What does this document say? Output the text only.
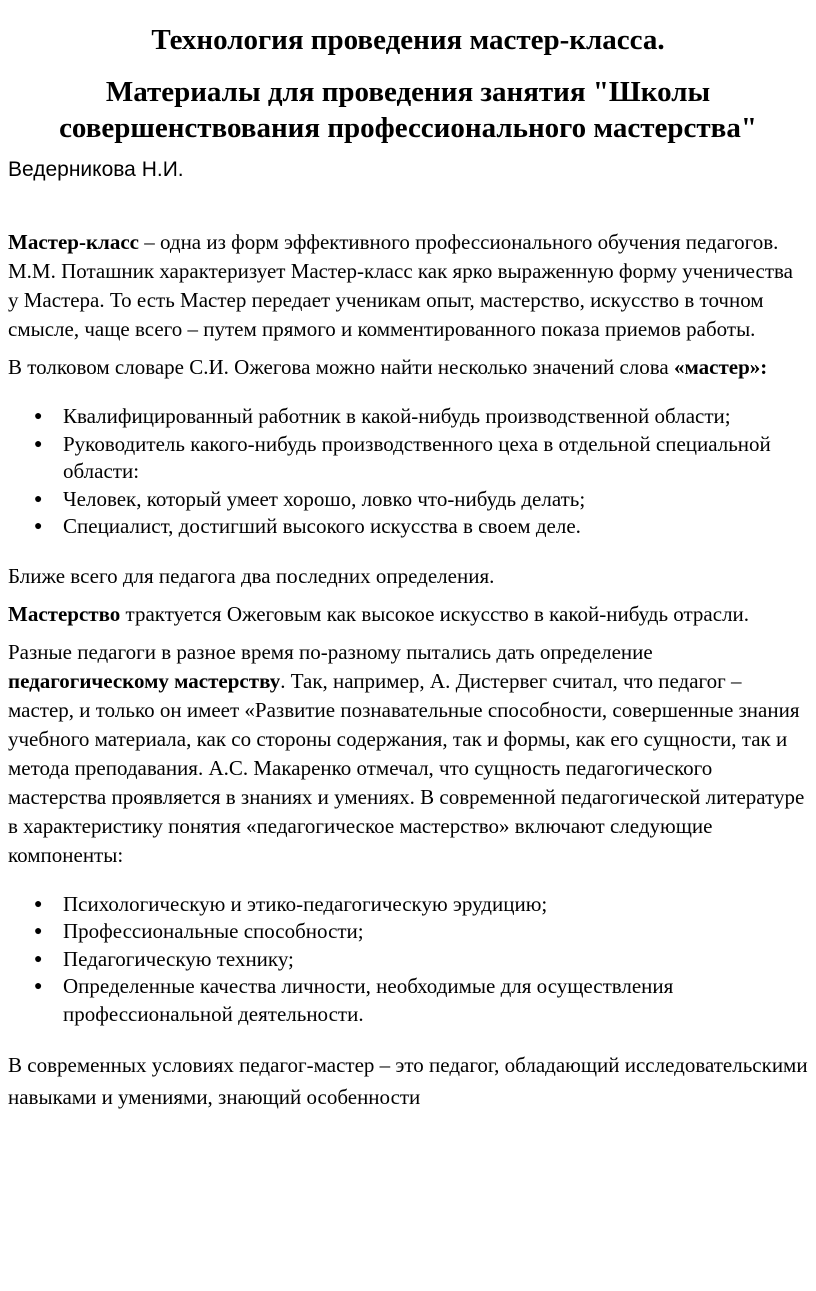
Технология проведения мастер-класса.
Материалы для проведения занятия "Школы совершенствования профессионального мастерства"
Ведерникова Н.И.

Мастер-класс – одна из форм эффективного профессионального обучения педагогов. М.М. Поташник характеризует Мастер-класс как ярко выраженную форму ученичества у Мастера. То есть Мастер передает ученикам опыт, мастерство, искусство в точном смысле, чаще всего – путем прямого и комментированного показа приемов работы.

В толковом словаре С.И. Ожегова можно найти несколько значений слова «мастер»:

● Квалифицированный работник в какой-нибудь производственной области;
● Руководитель какого-нибудь производственного цеха в отдельной специальной области:
● Человек, который умеет хорошо, ловко что-нибудь делать;
● Специалист, достигший высокого искусства в своем деле.

Ближе всего для педагога два последних определения.

Мастерство трактуется Ожеговым как высокое искусство в какой-нибудь отрасли.

Разные педагоги в разное время по-разному пытались дать определение педагогическому мастерству. Так, например, А. Дистервег считал, что педагог – мастер, и только он имеет «Развитие познавательные способности, совершенные знания учебного материала, как со стороны содержания, так и формы, как его сущности, так и метода преподавания. А.С. Макаренко отмечал, что сущность педагогического мастерства проявляется в знаниях и умениях. В современной педагогической литературе в характеристику понятия «педагогическое мастерство» включают следующие компоненты:

● Психологическую и этико-педагогическую эрудицию;
● Профессиональные способности;
● Педагогическую технику;
● Определенные качества личности, необходимые для осуществления профессиональной деятельности.

В современных условиях педагог-мастер – это педагог, обладающий исследовательскими навыками и умениями, знающий особенности
